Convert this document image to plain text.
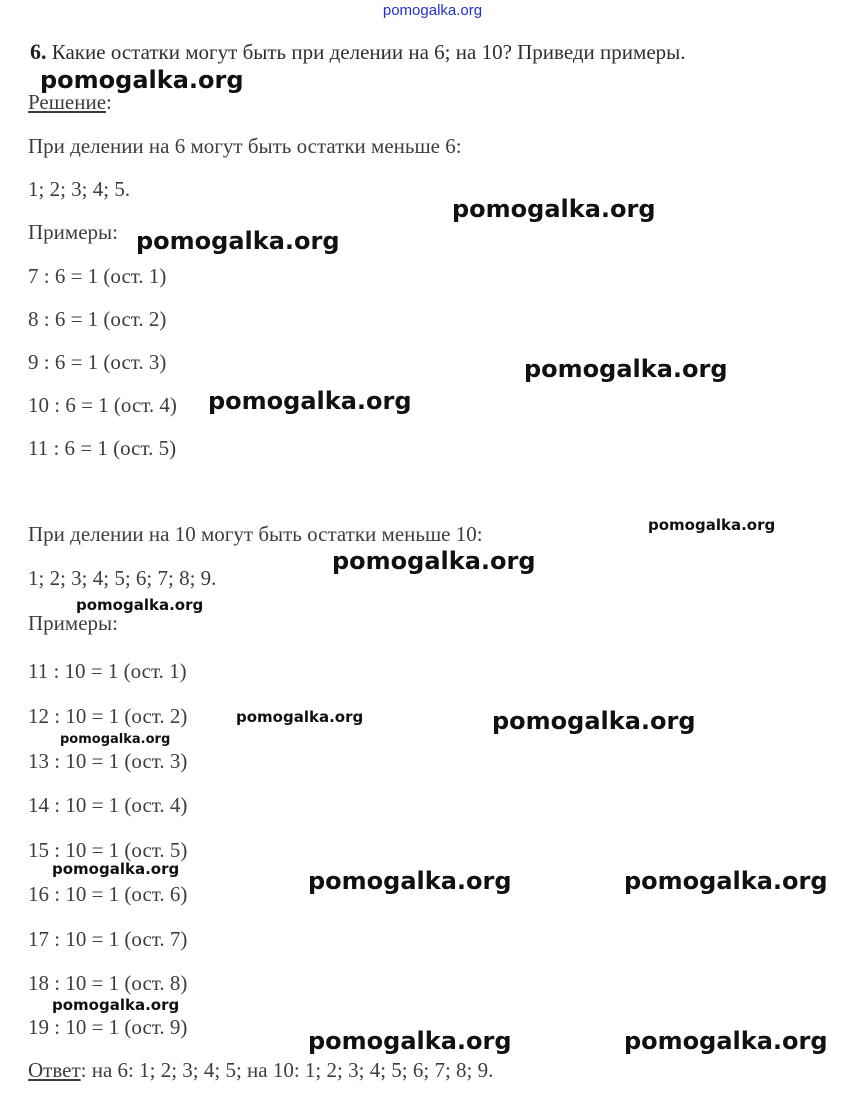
pomogalka.org
6. Какие остатки могут быть при делении на 6; на 10? Приведи примеры.
Решение:
При делении на 6 могут быть остатки меньше 6:
1; 2; 3; 4; 5.
Примеры:
7 : 6 = 1 (ост. 1)
8 : 6 = 1 (ост. 2)
9 : 6 = 1 (ост. 3)
10 : 6 = 1 (ост. 4)
11 : 6 = 1 (ост. 5)
При делении на 10 могут быть остатки меньше 10:
1; 2; 3; 4; 5; 6; 7; 8; 9.
Примеры:
11 : 10 = 1 (ост. 1)
12 : 10 = 1 (ост. 2)
13 : 10 = 1 (ост. 3)
14 : 10 = 1 (ост. 4)
15 : 10 = 1 (ост. 5)
16 : 10 = 1 (ост. 6)
17 : 10 = 1 (ост. 7)
18 : 10 = 1 (ост. 8)
19 : 10 = 1 (ост. 9)
Ответ: на 6: 1; 2; 3; 4; 5; на 10: 1; 2; 3; 4; 5; 6; 7; 8; 9.
pomogalka.org
pomogalka.org
pomogalka.org
pomogalka.org
pomogalka.org
pomogalka.org
pomogalka.org
pomogalka.org
pomogalka.org
pomogalka.org
pomogalka.org
pomogalka.org	pomogalka.org	pomogalka.org
pomogalka.org
pomogalka.org	pomogalka.org
